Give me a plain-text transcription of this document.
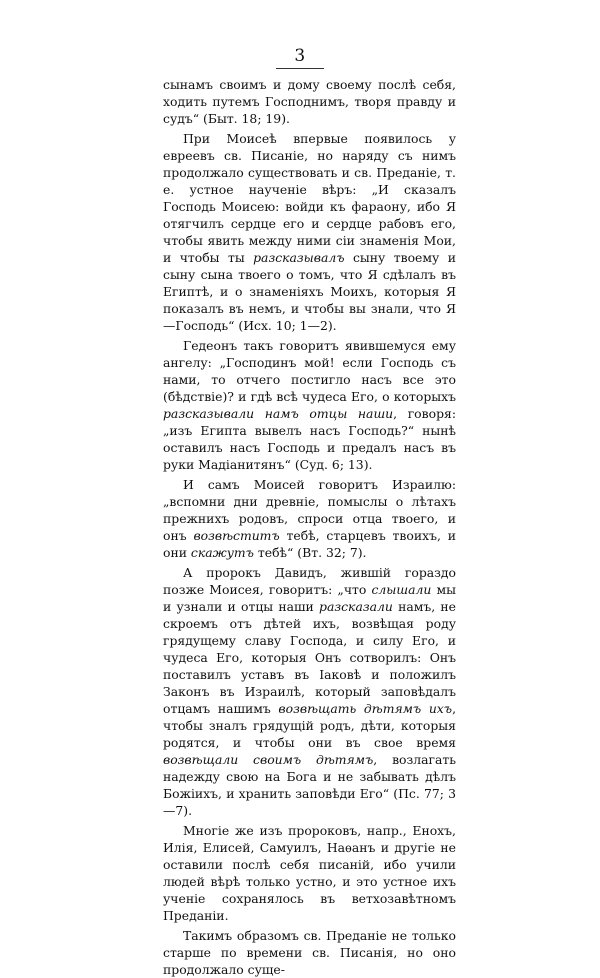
3

сынамъ своимъ и дому своему послѣ себя, ходить путемъ Господнимъ, творя правду и судъ“ (Быт. 18; 19).

При Моисеѣ впервые появилось у евреевъ св. Писаніе, но наряду съ нимъ продолжало существовать и св. Преданіе, т. е. устное наученіе вѣръ: „И сказалъ Господь Моисею: войди къ фараону, ибо Я отягчилъ сердце его и сердце рабовъ его, чтобы явить между ними сіи знаменія Мои, и чтобы ты разсказывалъ сыну твоему и сыну сына твоего о томъ, что Я сдѣлалъ въ Египтѣ, и о знаменіяхъ Моихъ, которыя Я показалъ въ немъ, и чтобы вы знали, что Я—Господь“ (Исх. 10; 1—2).

Гедеонъ такъ говоритъ явившемуся ему ангелу: „Господинъ мой! если Господь съ нами, то отчего постигло насъ все это (бѣдствіе)? и гдѣ всѣ чудеса Его, о которыхъ разсказывали намъ отцы наши, говоря: „изъ Египта вывелъ насъ Господь?“ нынѣ оставилъ насъ Господь и предалъ насъ въ руки Мадіанитянъ“ (Суд. 6; 13).

И самъ Моисей говоритъ Израилю: „вспомни дни древніе, помыслы о лѣтахъ прежнихъ родовъ, спроси отца твоего, и онъ возвѣститъ тебѣ, старцевъ твоихъ, и они скажутъ тебѣ“ (Вт. 32; 7).

А пророкъ Давидъ, жившій гораздо позже Моисея, говоритъ: „что слышали мы и узнали и отцы наши разсказали намъ, не скроемъ отъ дѣтей ихъ, возвѣщая роду грядущему славу Господа, и силу Его, и чудеса Его, которыя Онъ сотворилъ: Онъ поставилъ уставъ въ Іаковѣ и положилъ Законъ въ Израилѣ, который заповѣдалъ отцамъ нашимъ возвѣщать дѣтямъ ихъ, чтобы зналъ грядущій родъ, дѣти, которыя родятся, и чтобы они въ свое время возвѣщали своимъ дѣтямъ, возлагать надежду свою на Бога и не забывать дѣлъ Божіихъ, и хранить заповѣди Его“ (Пс. 77; 3—7).

Многіе же изъ пророковъ, напр., Енохъ, Илія, Елисей, Самуилъ, Наѳанъ и другіе не оставили послѣ себя писаній, ибо учили людей вѣрѣ только устно, и это устное ихъ ученіе сохранялось въ ветхозавѣтномъ Преданіи.

Такимъ образомъ св. Преданіе не только старше по времени св. Писанія, но оно продолжало суще-
